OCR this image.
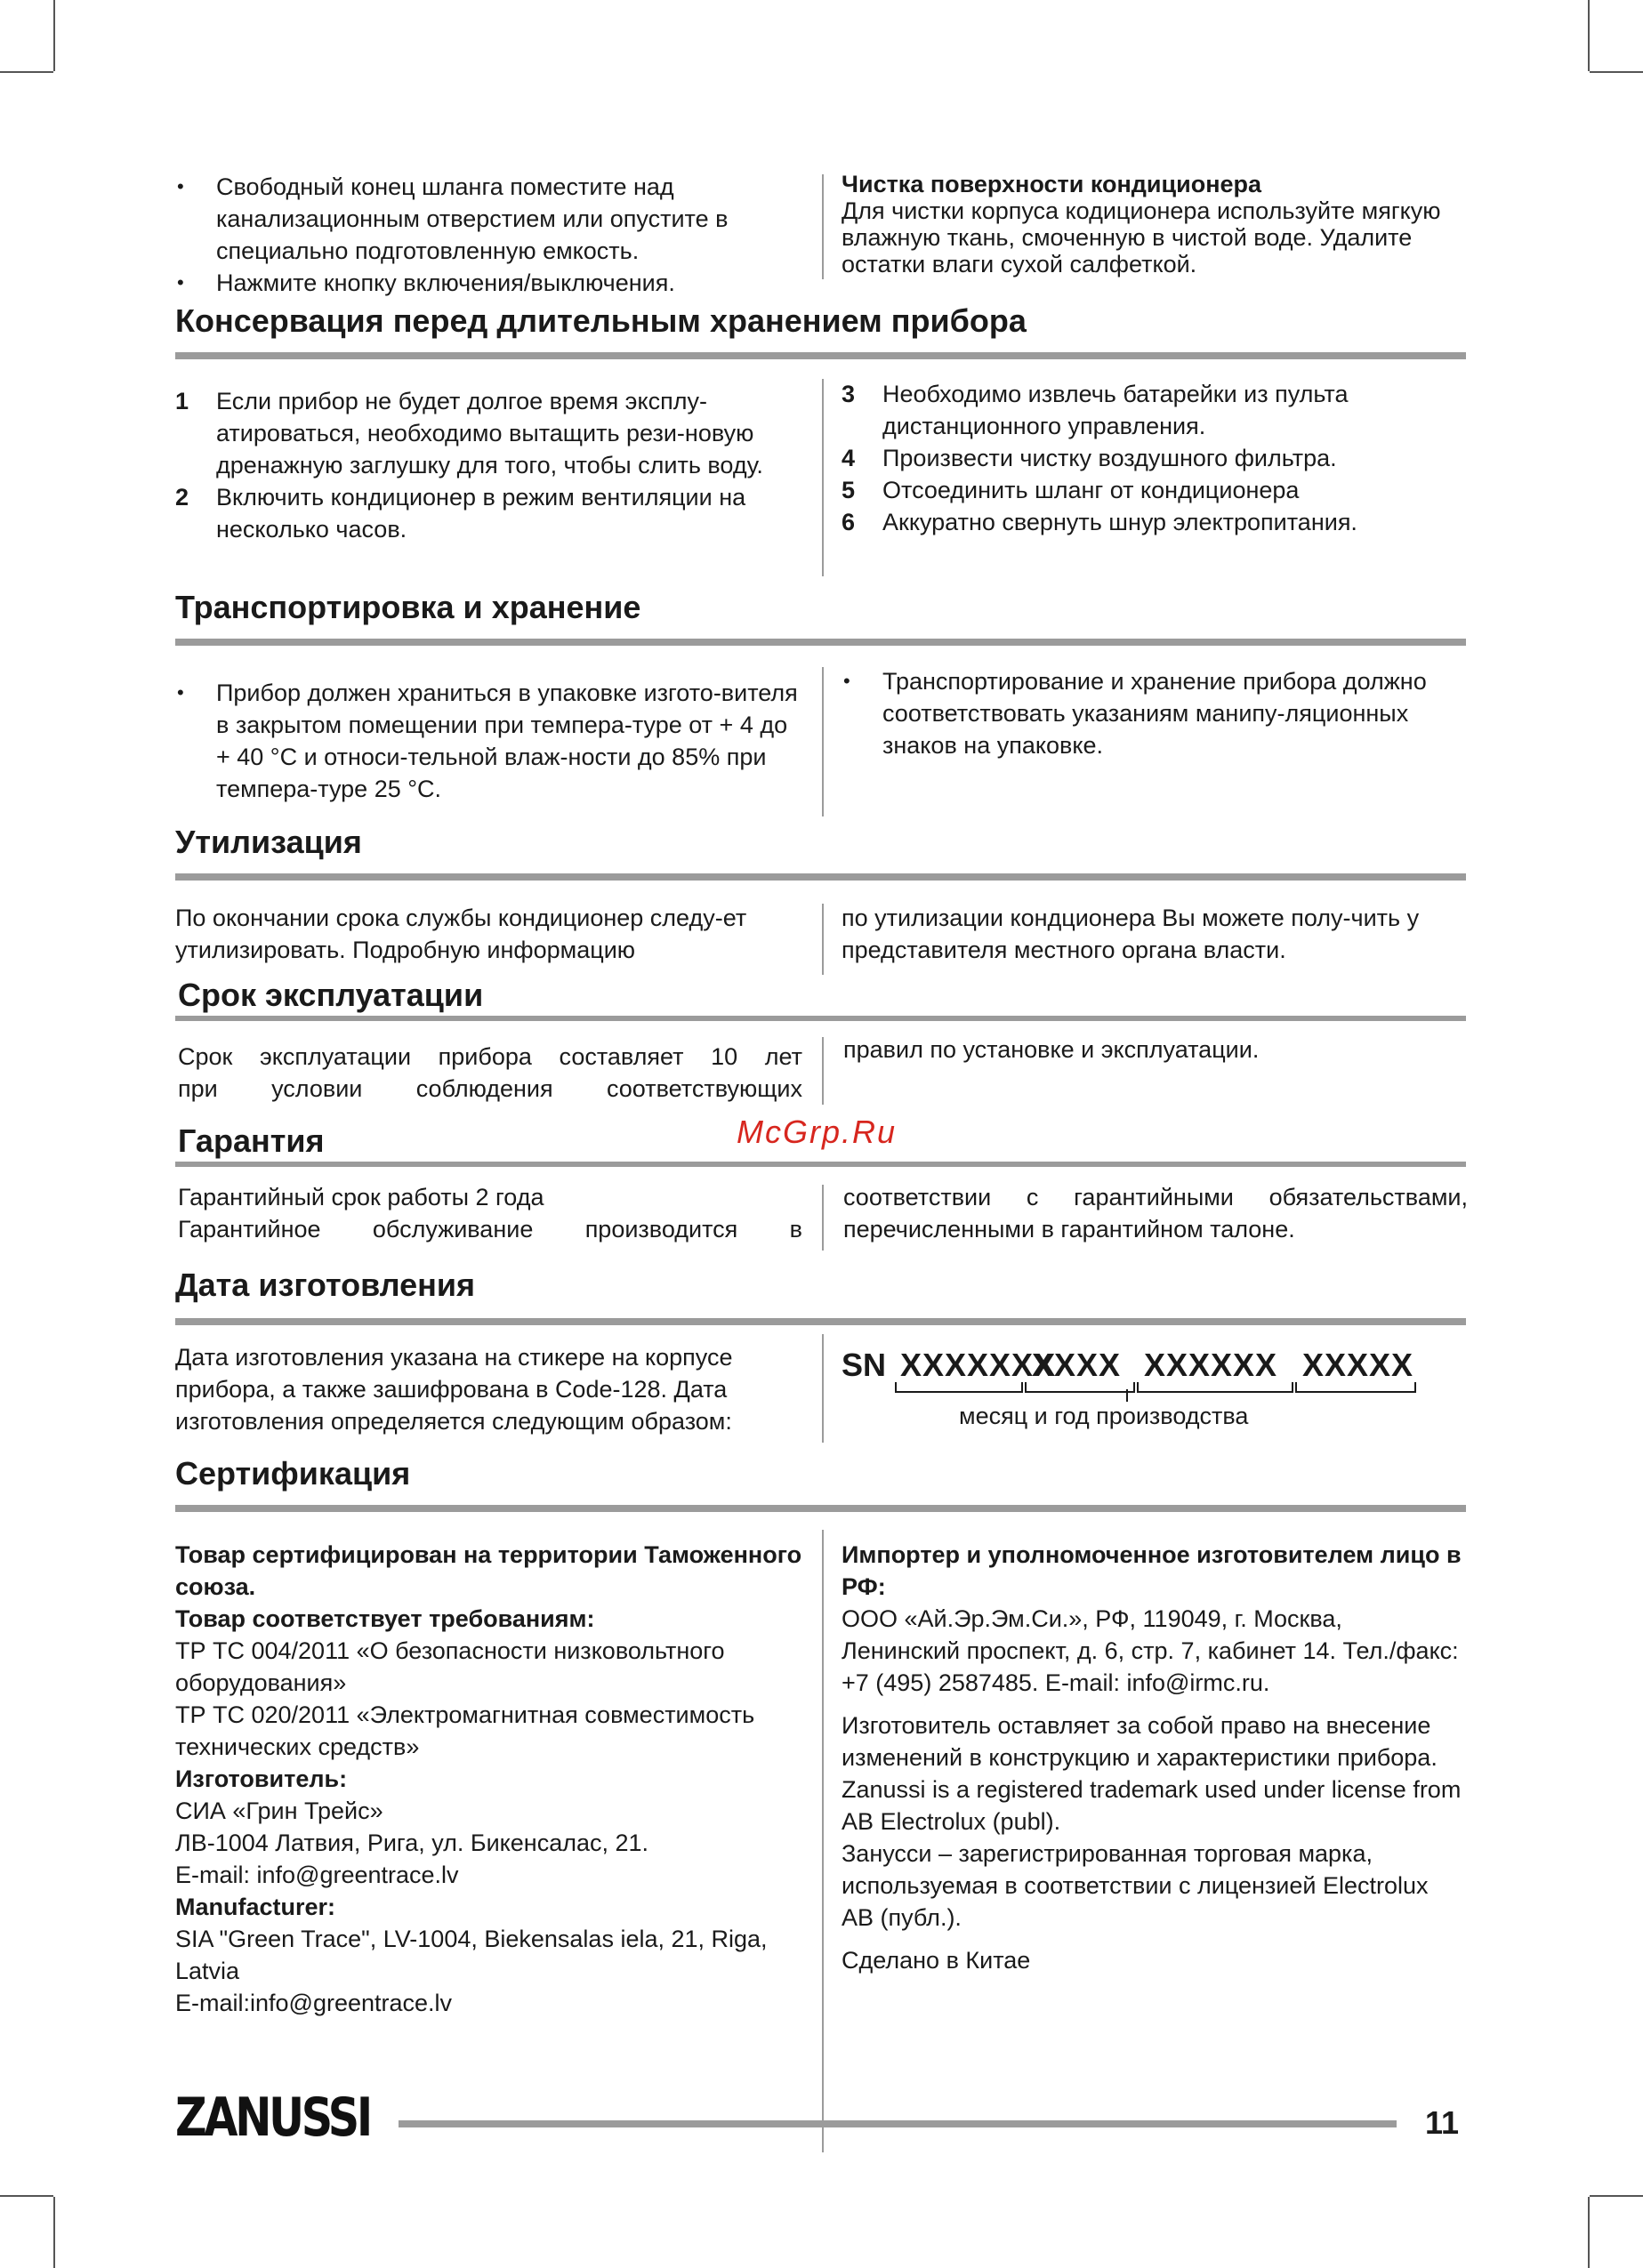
• Свободный конец шланга поместите над канализационным отверстием или опустите в специально подготовленную емкость.
• Нажмите кнопку включения/выключения.
Чистка поверхности кондиционера
Для чистки корпуса кодиционера используйте мягкую влажную ткань, смоченную в чистой воде. Удалите остатки влаги сухой салфеткой.
Консервация перед длительным хранением прибора
1 Если прибор не будет долгое время эксплу-атироваться, необходимо вытащить рези-новую дренажную заглушку для того, чтобы слить воду.
2 Включить кондиционер в режим вентиляции на несколько часов.
3 Необходимо извлечь батарейки из пульта дистанционного управления.
4 Произвести чистку воздушного фильтра.
5 Отсоединить шланг от кондиционера
6 Аккуратно свернуть шнур электропитания.
Транспортировка и хранение
• Прибор должен храниться в упаковке изгото-вителя в закрытом помещении при темпера-туре от + 4 до + 40 °С и относи-тельной влаж-ности до 85% при темпера-туре 25 °С.
• Транспортирование и хранение прибора должно соответствовать указаниям манипу-ляционных знаков на упаковке.
Утилизация
По окончании срока службы кондиционер следу-ет утилизировать. Подробную информацию
по утилизации кондционера Вы можете полу-чить у представителя местного органа власти.
Срок эксплуатации
Срок эксплуатации прибора составляет 10 лет
при условии соблюдения соответствующих
правил по установке и эксплуатации.
McGrp.Ru
Гарантия
Гарантийный срок работы 2 года
Гарантийное обслуживание производится в
соответствии с гарантийными обязательствами,
перечисленными в гарантийном талоне.
Дата изготовления
Дата изготовления указана на стикере на корпусе прибора, а также зашифрована в Code-128. Дата изготовления определяется следующим образом:
SN XXXXXXX
XXXX XXXXXX XXXXX
месяц и год производства
Сертификация
Товар сертифицирован на территории Таможенного союза.
Товар соответствует требованиям:
ТР ТС 004/2011 «О безопасности низковольтного оборудования»
ТР ТС 020/2011 «Электромагнитная совместимость технических средств»
Изготовитель:
СИА «Грин Трейс»
ЛВ-1004 Латвия, Рига, ул. Бикенсалас, 21.
E-mail: info@greentrace.lv
Manufacturer:
SIA "Green Trace", LV-1004, Biekensalas iela, 21, Riga, Latvia
E-mail:info@greentrace.lv
Импортер и уполномоченное изготовителем лицо в РФ:
ООО «Ай.Эр.Эм.Си.», РФ, 119049, г. Москва, Ленинский проспект, д. 6, стр. 7, кабинет 14. Тел./факс: +7 (495) 2587485. E-mail: info@irmc.ru.
Изготовитель оставляет за собой право на внесение изменений в конструкцию и характеристики прибора.
Zanussi is a registered trademark used under license from AB Electrolux (publ).
Занусси – зарегистрированная торговая марка, используемая в соответствии с лицензией Electrolux AB (публ.).
Сделано в Китае
ZANUSSI	11
